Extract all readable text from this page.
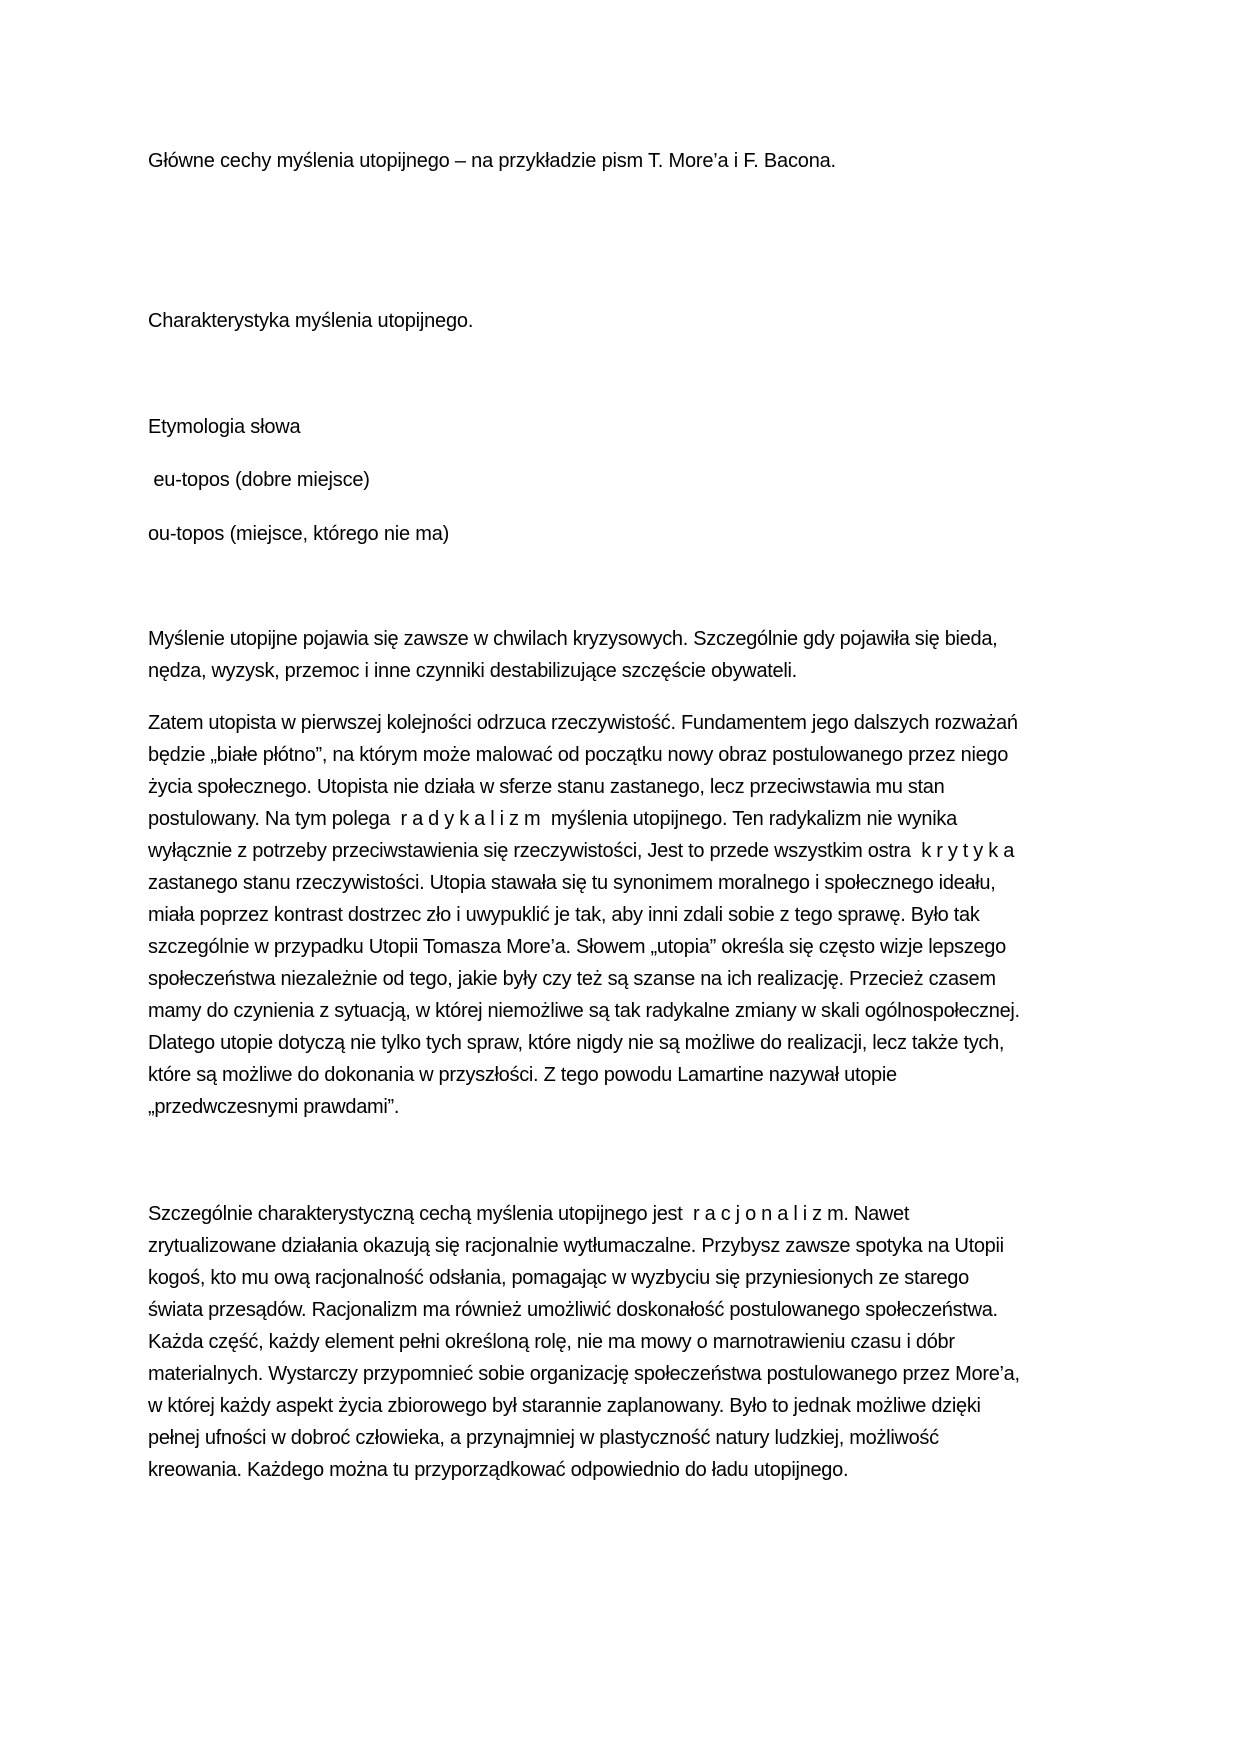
Główne cechy myślenia utopijnego – na przykładzie pism T. More’a i F. Bacona.
Charakterystyka myślenia utopijnego.
Etymologia słowa
eu-topos (dobre miejsce)
ou-topos (miejsce, którego nie ma)

Myślenie utopijne pojawia się zawsze w chwilach kryzysowych. Szczególnie gdy pojawiła się bieda,

nędza, wyzysk, przemoc i inne czynniki destabilizujące szczęście obywateli.

Zatem utopista w pierwszej kolejności odrzuca rzeczywistość. Fundamentem jego dalszych rozważań

będzie „białe płótno”, na którym może malować od początku nowy obraz postulowanego przez niego

życia społecznego. Utopista nie działa w sferze stanu zastanego, lecz przeciwstawia mu stan

postulowany. Na tym polega  r a d y k a l i z m  myślenia utopijnego. Ten radykalizm nie wynika

wyłącznie z potrzeby przeciwstawienia się rzeczywistości, Jest to przede wszystkim ostra  k r y t y k a

zastanego stanu rzeczywistości. Utopia stawała się tu synonimem moralnego i społecznego ideału,

miała poprzez kontrast dostrzec zło i uwypuklić je tak, aby inni zdali sobie z tego sprawę. Było tak

szczególnie w przypadku Utopii Tomasza More’a. Słowem „utopia” określa się często wizje lepszego

społeczeństwa niezależnie od tego, jakie były czy też są szanse na ich realizację. Przecież czasem

mamy do czynienia z sytuacją, w której niemożliwe są tak radykalne zmiany w skali ogólnospołecznej.

Dlatego utopie dotyczą nie tylko tych spraw, które nigdy nie są możliwe do realizacji, lecz także tych,

które są możliwe do dokonania w przyszłości. Z tego powodu Lamartine nazywał utopie

„przedwczesnymi prawdami”.

Szczególnie charakterystyczną cechą myślenia utopijnego jest  r a c j o n a l i z m. Nawet

zrytualizowane działania okazują się racjonalnie wytłumaczalne. Przybysz zawsze spotyka na Utopii

kogoś, kto mu ową racjonalność odsłania, pomagając w wyzbyciu się przyniesionych ze starego

świata przesądów. Racjonalizm ma również umożliwić doskonałość postulowanego społeczeństwa.

Każda część, każdy element pełni określoną rolę, nie ma mowy o marnotrawieniu czasu i dóbr

materialnych. Wystarczy przypomnieć sobie organizację społeczeństwa postulowanego przez More’a,

w której każdy aspekt życia zbiorowego był starannie zaplanowany. Było to jednak możliwe dzięki

pełnej ufności w dobroć człowieka, a przynajmniej w plastyczność natury ludzkiej, możliwość

kreowania. Każdego można tu przyporządkować odpowiednio do ładu utopijnego.
